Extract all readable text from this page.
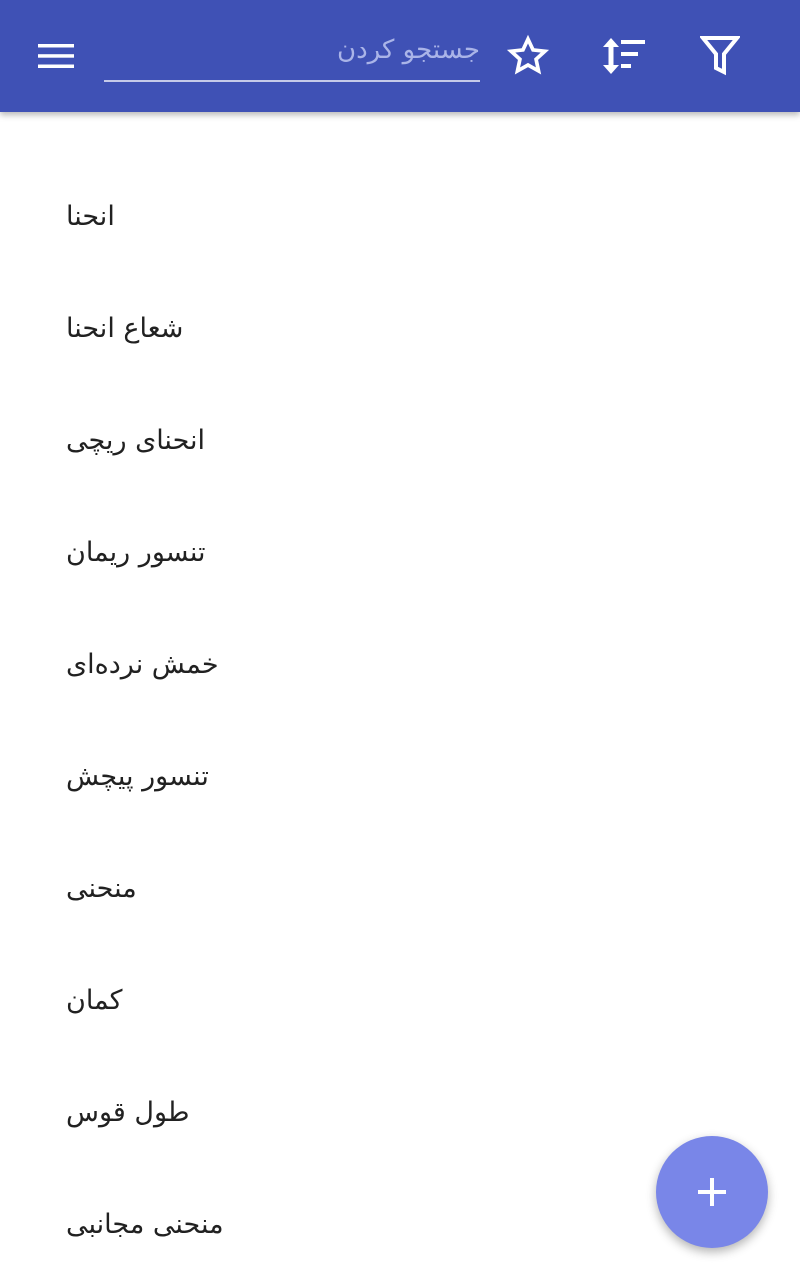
جستجو کردن
انحنا
شعاع انحنا
انحنای ریچی
تنسور ریمان
خمش نرده‌ای
تنسور پیچش
منحنی
کمان
طول قوس
منحنی مجانبی
